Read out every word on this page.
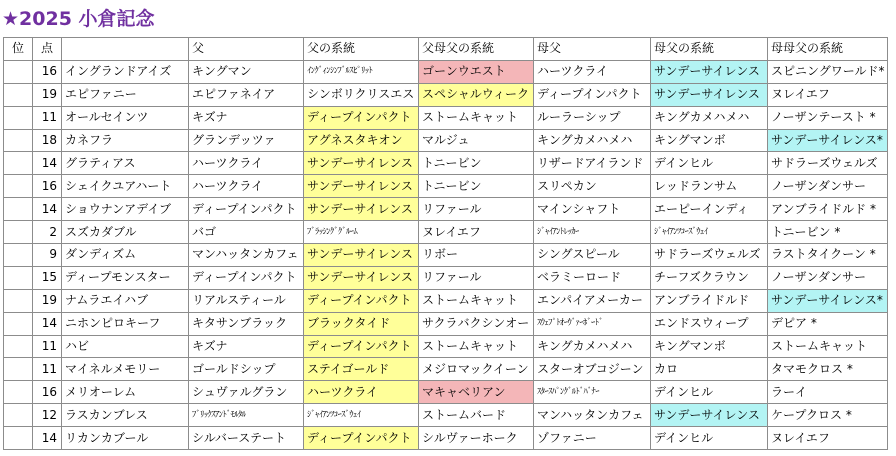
★2025 小倉記念
位	点		父	父の系統	父母父の系統	母父	母父の系統	母母父の系統
	16	イングランドアイズ	キングマン	ｲﾝｸﾞｨﾝｼﾝﾌﾞﾙｽﾋﾟﾘｯﾄ	ゴーンウエスト	ハーツクライ	サンデーサイレンス	スピニングワールド*
	19	エピファニー	エピファネイア	シンボリクリスエス	スペシャルウィーク	ディープインパクト	サンデーサイレンス	ヌレイエフ
	11	オールセインツ	キズナ	ディープインパクト	ストームキャット	ルーラーシップ	キングカメハメハ	ノーザンテースト *
	18	カネフラ	グランデッツァ	アグネスタキオン	マルジュ	キングカメハメハ	キングマンボ	サンデーサイレンス*
	14	グラティアス	ハーツクライ	サンデーサイレンス	トニービン	リザードアイランド	デインヒル	サドラーズウェルズ
	16	シェイクユアハート	ハーツクライ	サンデーサイレンス	トニービン	スリペカン	レッドランサム	ノーザンダンサー
	14	ショウナンアデイブ	ディープインパクト	サンデーサイレンス	リファール	マインシャフト	エーピーインディ	アンブライドルド *
	2	スズカダブル	バゴ	ﾌﾞﾗｯｼﾝｸﾞｸﾞﾙｰﾑ	ヌレイエフ	ｼﾞｬｲｱﾝﾄﾚｯｶｰ	ｼﾞｬｲｱﾝﾂｺｰｽﾞｳｪｲ	トニービン *
	9	ダンディズム	マンハッタンカフェ	サンデーサイレンス	リボー	シングスピール	サドラーズウェルズ	ラストタイクーン *
	15	ディープモンスター	ディープインパクト	サンデーサイレンス	リファール	ベラミーロード	チーフズクラウン	ノーザンダンサー
	19	ナムラエイハブ	リアルスティール	ディープインパクト	ストームキャット	エンパイアメーカー	アンブライドルド	サンデーサイレンス*
	14	ニホンピロキーフ	キタサンブラック	ブラックタイド	サクラバクシンオー	ｽｳｪﾌﾟﾄｵｰｳﾞｧｰﾎﾞｰﾄﾞ	エンドスウィープ	デピア *
	11	ハビ	キズナ	ディープインパクト	ストームキャット	キングカメハメハ	キングマンボ	ストームキャット
	11	マイネルメモリー	ゴールドシップ	ステイゴールド	メジロマックイーン	スターオブコジーン	カロ	タマモクロス *
	16	メリオーレム	シュヴァルグラン	ハーツクライ	マキャベリアン	ｽﾀｰｽﾊﾟﾝｸﾞﾙﾄﾞﾊﾞﾅｰ	デインヒル	ラーイ
	12	ラスカンブレス	ﾌﾞﾘｯｸｽｱﾝﾄﾞﾓﾙﾀﾙ	ｼﾞｬｲｱﾝﾂｺｰｽﾞｳｪｲ	ストームバード	マンハッタンカフェ	サンデーサイレンス	ケープクロス *
	14	リカンカブール	シルバーステート	ディープインパクト	シルヴァーホーク	ゾファニー	デインヒル	ヌレイエフ
